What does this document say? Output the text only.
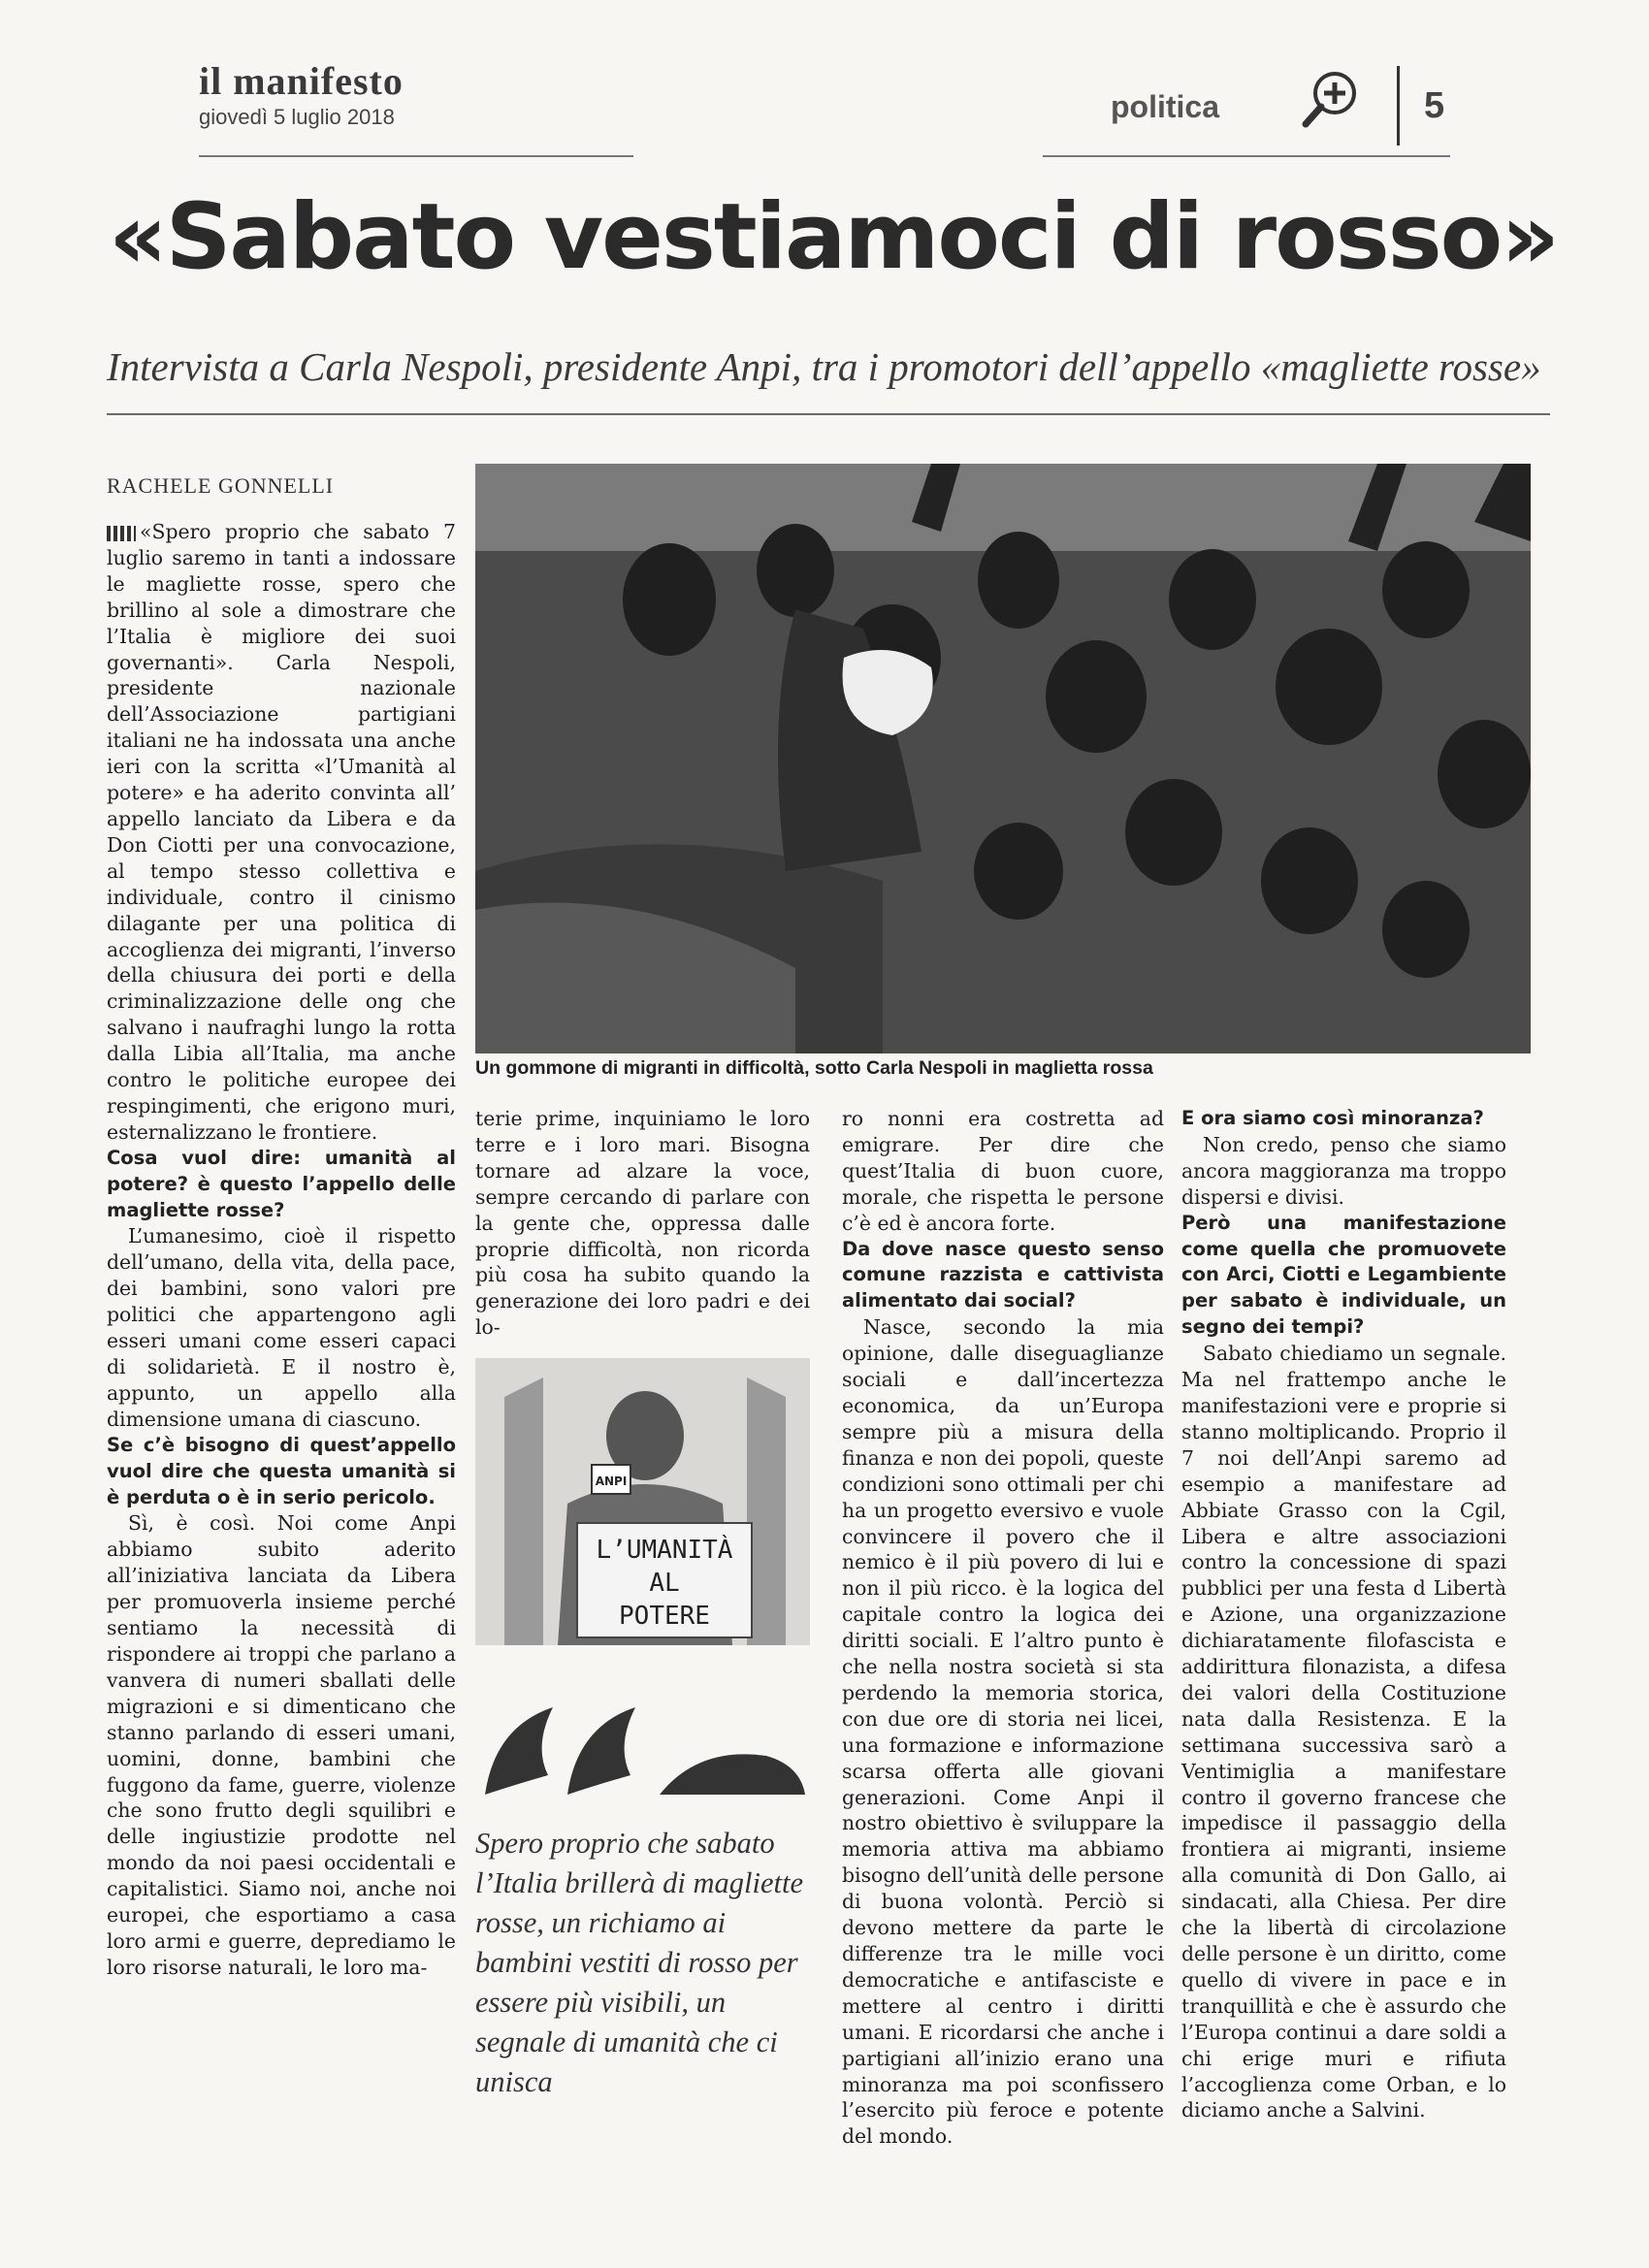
il manifesto
giovedì 5 luglio 2018	politica	5
«Sabato vestiamoci di rosso»
Intervista a Carla Nespoli, presidente Anpi, tra i promotori dell’appello «magliette rosse»
RACHELE GONNELLI

«Spero proprio che sabato 7 luglio saremo in tanti a indossare le magliette rosse, spero che brillino al sole a dimostrare che l’Italia è migliore dei suoi governanti». Carla Nespoli, presidente nazionale dell’Associazione partigiani italiani ne ha indossata una anche ieri con la scritta «l’Umanità al potere» e ha aderito convinta all’ appello lanciato da Libera e da Don Ciotti per una convocazione, al tempo stesso collettiva e individuale, contro il cinismo dilagante per una politica di accoglienza dei migranti, l’inverso della chiusura dei porti e della criminalizzazione delle ong che salvano i naufraghi lungo la rotta dalla Libia all’Italia, ma anche contro le politiche europee dei respingimenti, che erigono muri, esternalizzano le frontiere.

Cosa vuol dire: umanità al potere? è questo l’appello delle magliette rosse?

L’umanesimo, cioè il rispetto dell’umano, della vita, della pace, dei bambini, sono valori pre politici che appartengono agli esseri umani come esseri capaci di solidarietà. E il nostro è, appunto, un appello alla dimensione umana di ciascuno.

Se c’è bisogno di quest’appello vuol dire che questa umanità si è perduta o è in serio pericolo.

Sì, è così. Noi come Anpi abbiamo subito aderito all’iniziativa lanciata da Libera per promuoverla insieme perché sentiamo la necessità di rispondere ai troppi che parlano a vanvera di numeri sballati delle migrazioni e si dimenticano che stanno parlando di esseri umani, uomini, donne, bambini che fuggono da fame, guerre, violenze che sono frutto degli squilibri e delle ingiustizie prodotte nel mondo da noi paesi occidentali e capitalistici. Siamo noi, anche noi europei, che esportiamo a casa loro armi e guerre, deprediamo le loro risorse naturali, le loro ma-

Un gommone di migranti in difficoltà, sotto Carla Nespoli in maglietta rossa

terie prime, inquiniamo le loro terre e i loro mari. Bisogna tornare ad alzare la voce, sempre cercando di parlare con la gente che, oppressa dalle proprie difficoltà, non ricorda più cosa ha subito quando la generazione dei loro padri e dei lo-

L’UMANITÀ
AL
POTERE
ANPI
Spero proprio che sabato l’Italia brillerà di magliette rosse, un richiamo ai bambini vestiti di rosso per essere più visibili, un segnale di umanità che ci unisca

ro nonni era costretta ad emigrare. Per dire che quest’Italia di buon cuore, morale, che rispetta le persone c’è ed è ancora forte.

Da dove nasce questo senso comune razzista e cattivista alimentato dai social?

Nasce, secondo la mia opinione, dalle diseguaglianze sociali e dall’incertezza economica, da un’Europa sempre più a misura della finanza e non dei popoli, queste condizioni sono ottimali per chi ha un progetto eversivo e vuole convincere il povero che il nemico è il più povero di lui e non il più ricco. è la logica del capitale contro la logica dei diritti sociali. E l’altro punto è che nella nostra società si sta perdendo la memoria storica, con due ore di storia nei licei, una formazione e informazione scarsa offerta alle giovani generazioni. Come Anpi il nostro obiettivo è sviluppare la memoria attiva ma abbiamo bisogno dell’unità delle persone di buona volontà. Perciò si devono mettere da parte le differenze tra le mille voci democratiche e antifasciste e mettere al centro i diritti umani. E ricordarsi che anche i partigiani all’inizio erano una minoranza ma poi sconfissero l’esercito più feroce e potente del mondo.

E ora siamo così minoranza?

Non credo, penso che siamo ancora maggioranza ma troppo dispersi e divisi.

Però una manifestazione come quella che promuovete con Arci, Ciotti e Legambiente per sabato è individuale, un segno dei tempi?

Sabato chiediamo un segnale. Ma nel frattempo anche le manifestazioni vere e proprie si stanno moltiplicando. Proprio il 7 noi dell’Anpi saremo ad esempio a manifestare ad Abbiate Grasso con la Cgil, Libera e altre associazioni contro la concessione di spazi pubblici per una festa d Libertà e Azione, una organizzazione dichiaratamente filofascista e addirittura filonazista, a difesa dei valori della Costituzione nata dalla Resistenza. E la settimana successiva sarò a Ventimiglia a manifestare contro il governo francese che impedisce il passaggio della frontiera ai migranti, insieme alla comunità di Don Gallo, ai sindacati, alla Chiesa. Per dire che la libertà di circolazione delle persone è un diritto, come quello di vivere in pace e in tranquillità e che è assurdo che l’Europa continui a dare soldi a chi erige muri e rifiuta l’accoglienza come Orban, e lo diciamo anche a Salvini.
